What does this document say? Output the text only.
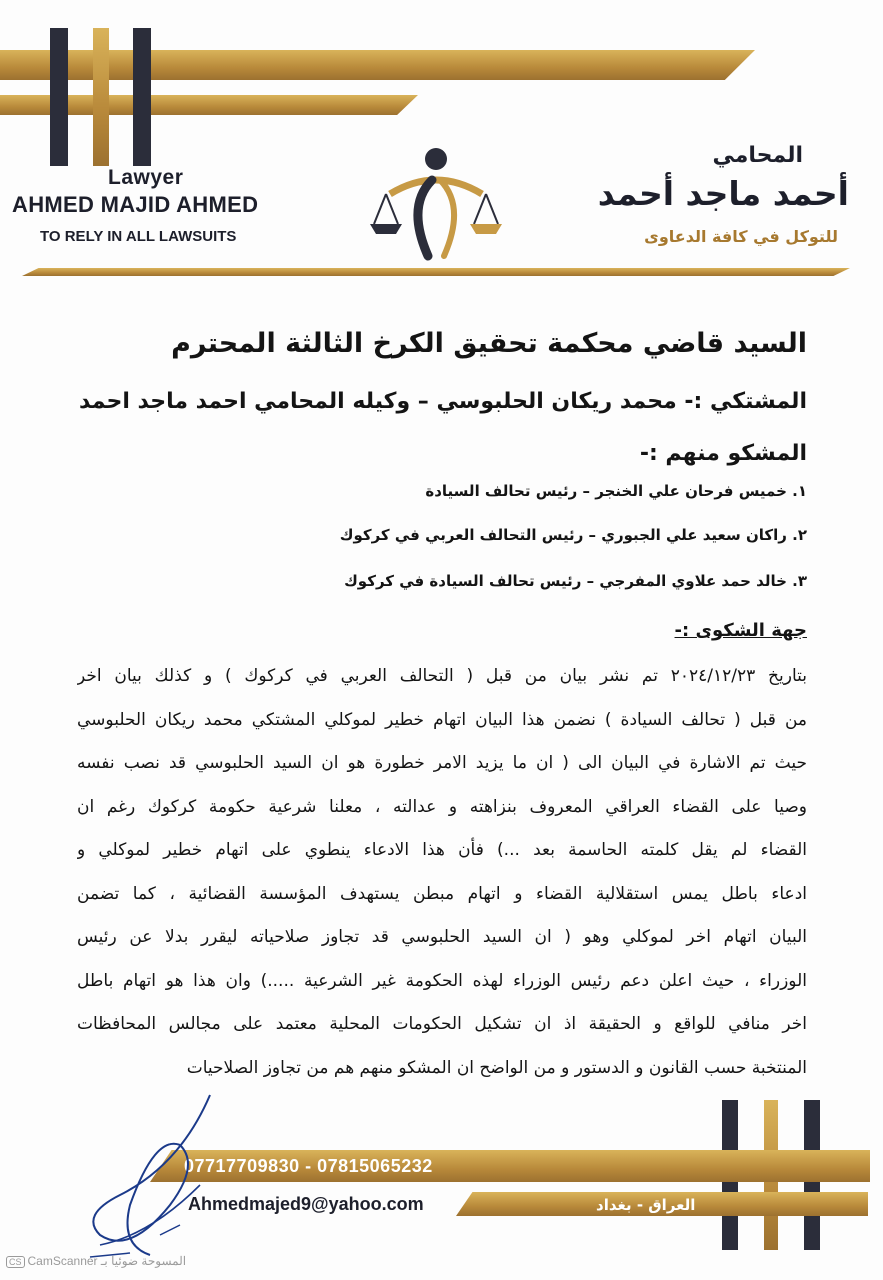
Lawyer
AHMED MAJID AHMED
TO RELY IN ALL LAWSUITS
المحامي
أحمد ماجد أحمد
للتوكل في كافة الدعاوى
السيد قاضي محكمة تحقيق الكرخ الثالثة المحترم
المشتكي :- محمد ريكان الحلبوسي – وكيله المحامي احمد ماجد احمد
المشكو منهم :-
١. خميس فرحان علي الخنجر – رئيس تحالف السيادة
٢. راكان سعيد علي الجبوري – رئيس التحالف العربي في كركوك
٣. خالد حمد علاوي المفرجي – رئيس تحالف السيادة في كركوك
جهة الشكوى :-

بتاريخ ٢٠٢٤/١٢/٢٣ تم نشر بيان من قبل ( التحالف العربي في كركوك ) و كذلك بيان اخر
من قبل ( تحالف السيادة ) نضمن هذا البيان اتهام خطير لموكلي المشتكي محمد ريكان الحلبوسي
حيث تم الاشارة في البيان الى ( ان ما يزيد الامر خطورة هو ان السيد الحلبوسي قد نصب نفسه
وصيا على القضاء العراقي المعروف بنزاهته و عدالته ، معلنا شرعية حكومة كركوك رغم ان
القضاء لم يقل كلمته الحاسمة بعد ...) فأن هذا الادعاء ينطوي على اتهام خطير لموكلي و
ادعاء باطل يمس استقلالية القضاء و اتهام مبطن يستهدف المؤسسة القضائية ، كما تضمن
البيان اتهام اخر لموكلي وهو ( ان السيد الحلبوسي قد تجاوز صلاحياته ليقرر بدلا عن رئيس
الوزراء ، حيث اعلن دعم رئيس الوزراء لهذه الحكومة غير الشرعية .....) وان هذا هو اتهام باطل
اخر منافي للواقع و الحقيقة اذ ان تشكيل الحكومات المحلية معتمد على مجالس المحافظات
المنتخبة حسب القانون و الدستور و من الواضح ان المشكو منهم هم من تجاوز الصلاحيات

07717709830 - 07815065232
Ahmedmajed9@yahoo.com	العراق - بغداد
CS CamScanner المسوحة ضوئيا بـ
